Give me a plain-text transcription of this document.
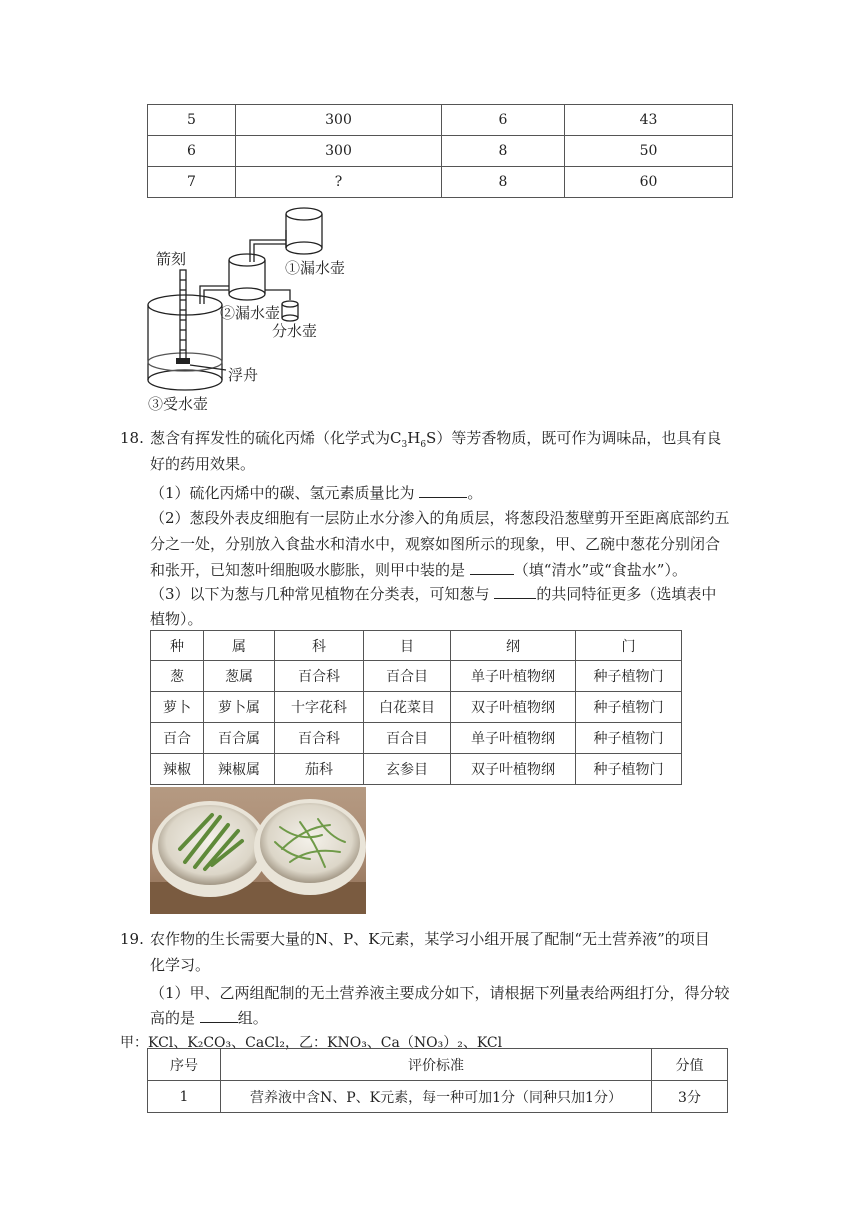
5	300	6	43
6	300	8	50
7	?	8	60
箭刻	①漏水壶
②漏水壶
分水壶
浮舟
③受水壶
18. 葱含有挥发性的硫化丙烯（化学式为$C_3H_6S$）等芳香物质，既可作为调味品，也具有良
好的药用效果。
（1）硫化丙烯中的碳、氢元素质量比为	。
（2）葱段外表皮细胞有一层防止水分渗入的角质层，将葱段沿葱壁剪开至距离底部约五
分之一处，分别放入食盐水和清水中，观察如图所示的现象，甲、乙碗中葱花分别闭合
和张开，已知葱叶细胞吸水膨胀，则甲中装的是	（填“清水”或“食盐水”）。
（3）以下为葱与几种常见植物在分类表，可知葱与	的共同特征更多（选填表中
植物）。
种	属	科	目	纲	门
葱	葱属	百合科	百合目	单子叶植物纲	种子植物门
萝卜	萝卜属	十字花科	白花菜目	双子叶植物纲	种子植物门
百合	百合属	百合科	百合目	单子叶植物纲	种子植物门
辣椒	辣椒属	茄科	玄参目	双子叶植物纲	种子植物门
19. 农作物的生长需要大量的N、P、K元素，某学习小组开展了配制“无土营养液”的项目
化学习。
（1）甲、乙两组配制的无土营养液主要成分如下，请根据下列量表给两组打分，得分较
高的是	组。
甲：KCl、K₂CO₃、CaCl₂，乙：KNO₃、Ca（NO₃）₂、KCl
序号	评价标准	分值
1	营养液中含N、P、K元素，每一种可加1分（同种只加1分）	3分
